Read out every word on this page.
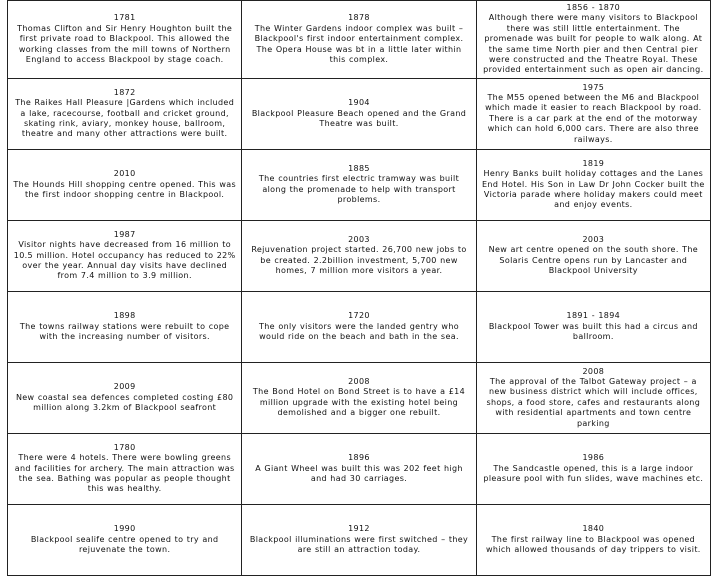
1781
Thomas Clifton and Sir Henry Houghton built the first private road to Blackpool. This allowed the working classes from the mill towns of Northern England to access Blackpool by stage coach.	1878
The Winter Gardens indoor complex was built – Blackpool's first indoor entertainment complex. The Opera House was bt in a little later within this complex.	1856 - 1870
Although there were many visitors to Blackpool there was still little entertainment. The promenade was built for people to walk along. At the same time North pier and then Central pier were constructed and the Theatre Royal. These provided entertainment such as open air dancing.

1872
The Raikes Hall Pleasure |Gardens which included a lake, racecourse, football and cricket ground, skating rink, aviary, monkey house, ballroom, theatre and many other attractions were built.	1904
Blackpool Pleasure Beach opened and the Grand Theatre was built.	1975
The M55 opened between the M6 and Blackpool which made it easier to reach Blackpool by road. There is a car park at the end of the motorway which can hold 6,000 cars. There are also three railways.

2010
The Hounds Hill shopping centre opened. This was the first indoor shopping centre in Blackpool.	1885
The countries first electric tramway was built along the promenade to help with transport problems.	1819
Henry Banks built holiday cottages and the Lanes End Hotel. His Son in Law Dr John Cocker built the Victoria parade where holiday makers could meet and enjoy events.

1987
Visitor nights have decreased from 16 million to 10.5 million. Hotel occupancy has reduced to 22% over the year. Annual day visits have declined from 7.4 million to 3.9 million.	2003
Rejuvenation project started. 26,700 new jobs to be created. 2.2billion investment, 5,700 new homes, 7 million more visitors a year.	2003
New art centre opened on the south shore. The Solaris Centre opens run by Lancaster and Blackpool University

1898
The towns railway stations were rebuilt to cope with the increasing number of visitors.	1720
The only visitors were the landed gentry who would ride on the beach and bath in the sea.	1891 - 1894
Blackpool Tower was built this had a circus and ballroom.

2009
New coastal sea defences completed costing £80 million along 3.2km of Blackpool seafront	2008
The Bond Hotel on Bond Street is to have a £14 million upgrade with the existing hotel being demolished and a bigger one rebuilt.	2008
The approval of the Talbot Gateway project – a new business district which will include offices, shops, a food store, cafes and restaurants along with residential apartments and town centre parking

1780
There were 4 hotels. There were bowling greens and facilities for archery. The main attraction was the sea. Bathing was popular as people thought this was healthy.	1896
A Giant Wheel was built this was 202 feet high and had 30 carriages.	1986
The Sandcastle opened, this is a large indoor pleasure pool with fun slides, wave machines etc.

1990
Blackpool sealife centre opened to try and rejuvenate the town.	1912
Blackpool illuminations were first switched – they are still an attraction today.	1840
The first railway line to Blackpool was opened which allowed thousands of day trippers to visit.
